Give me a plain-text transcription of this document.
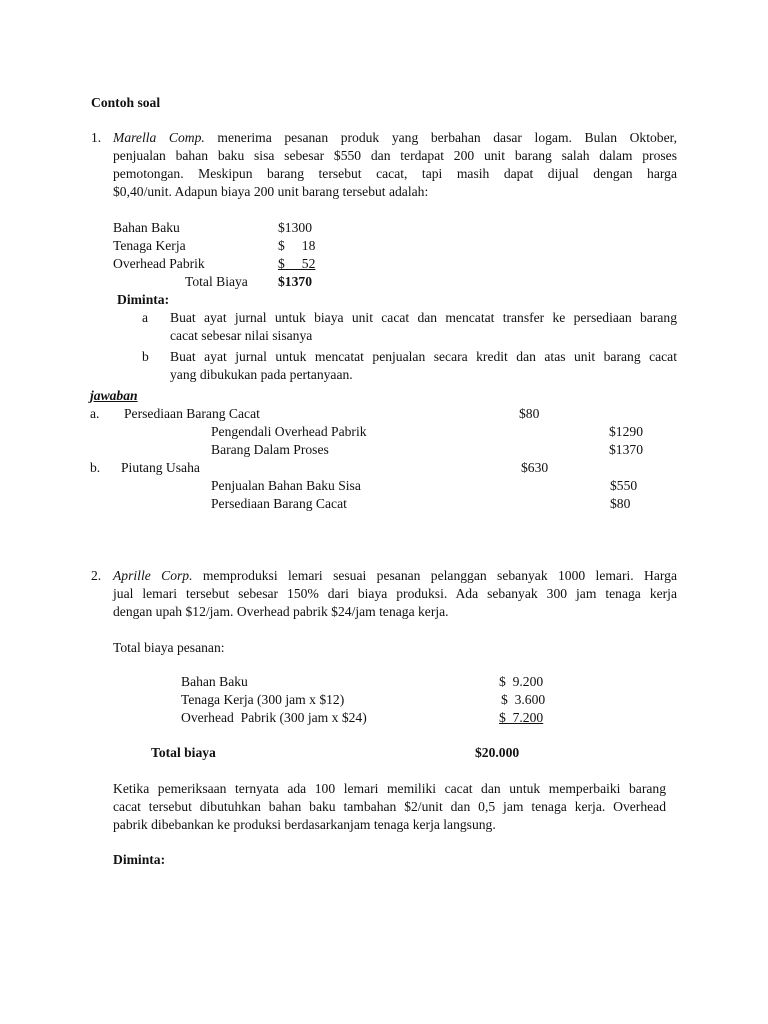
Contoh soal
1. Marella Comp. menerima pesanan produk yang berbahan dasar logam. Bulan Oktober,
penjualan bahan baku sisa sebesar $550 dan terdapat 200 unit barang salah dalam proses
pemotongan. Meskipun barang tersebut cacat, tapi masih dapat dijual dengan harga
$0,40/unit. Adapun biaya 200 unit barang tersebut adalah:
Bahan Baku	$1300
Tenaga Kerja	$     18
Overhead Pabrik	$     52
Total Biaya $1370
Diminta:
a Buat ayat jurnal untuk biaya unit cacat dan mencatat transfer ke persediaan barang
cacat sebesar nilai sisanya
b Buat ayat jurnal untuk mencatat penjualan secara kredit dan atas unit barang cacat
yang dibukukan pada pertanyaan.
jawaban
a. Persediaan Barang Cacat	$80
Pengendali Overhead Pabrik	$1290
Barang Dalam Proses	$1370
b. Piutang Usaha	$630
Penjualan Bahan Baku Sisa	$550
Persediaan Barang Cacat	$80
2. Aprille Corp. memproduksi lemari sesuai pesanan pelanggan sebanyak 1000 lemari. Harga
jual lemari tersebut sebesar 150% dari biaya produksi. Ada sebanyak 300 jam tenaga kerja
dengan upah $12/jam. Overhead pabrik $24/jam tenaga kerja.
Total biaya pesanan:
Bahan Baku	$  9.200
Tenaga Kerja (300 jam x $12)	$  3.600
Overhead  Pabrik (300 jam x $24)	$  7.200
Total biaya	$20.000
Ketika pemeriksaan ternyata ada 100 lemari memiliki cacat dan untuk memperbaiki barang
cacat tersebut dibutuhkan bahan baku tambahan $2/unit dan 0,5 jam tenaga kerja. Overhead
pabrik dibebankan ke produksi berdasarkanjam tenaga kerja langsung.
Diminta:
